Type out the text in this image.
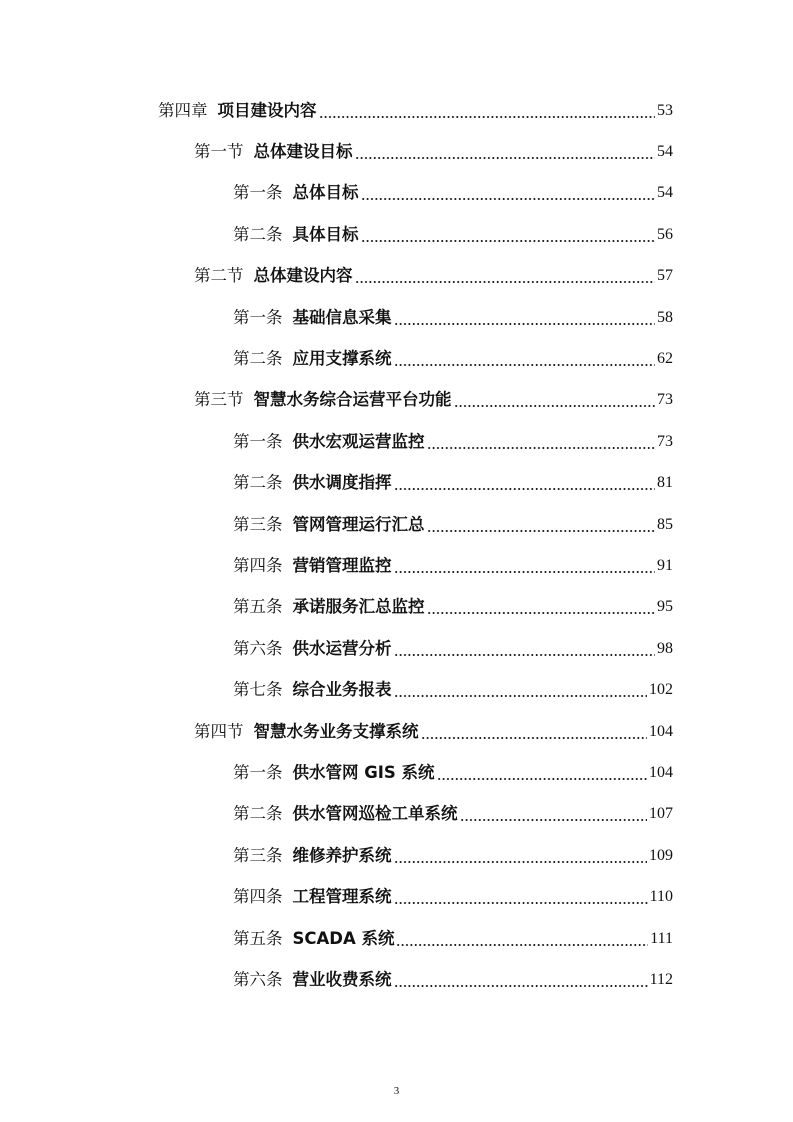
第四章 项目建设内容	53
第一节 总体建设目标	54
第一条 总体目标	54
第二条 具体目标	56
第二节 总体建设内容	57
第一条 基础信息采集	58
第二条 应用支撑系统	62
第三节 智慧水务综合运营平台功能	73
第一条 供水宏观运营监控	73
第二条 供水调度指挥	81
第三条 管网管理运行汇总	85
第四条 营销管理监控	91
第五条 承诺服务汇总监控	95
第六条 供水运营分析	98
第七条 综合业务报表	102
第四节 智慧水务业务支撑系统	104
第一条 供水管网 GIS 系统	104
第二条 供水管网巡检工单系统	107
第三条 维修养护系统	109
第四条 工程管理系统	110
第五条 SCADA 系统	111
第六条 营业收费系统	112
3
